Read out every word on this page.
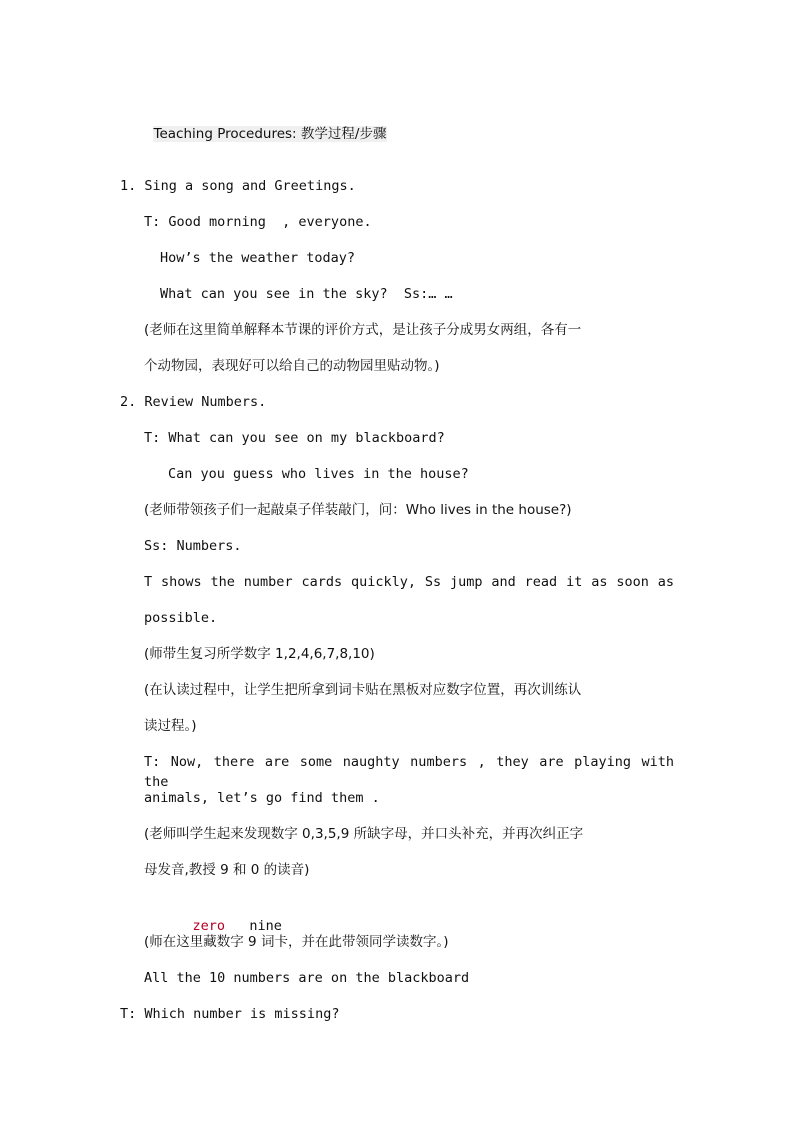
Teaching Procedures: 教学过程/步骤

1. Sing a song and Greetings.
T: Good morning  , everyone.
How’s the weather today?
What can you see in the sky?  Ss:… …
(老师在这里简单解释本节课的评价方式，是让孩子分成男女两组，各有一
个动物园，表现好可以给自己的动物园里贴动物。)
2. Review Numbers.
T: What can you see on my blackboard?
Can you guess who lives in the house?
(老师带领孩子们一起敲桌子佯装敲门，问：Who lives in the house?)
Ss: Numbers.
T shows the number cards quickly, Ss jump and read it as soon as
possible.
(师带生复习所学数字 1,2,4,6,7,8,10)
(在认读过程中，让学生把所拿到词卡贴在黑板对应数字位置，再次训练认
读过程。)
T: Now, there are some naughty numbers , they are playing with the
animals, let’s go find them .
(老师叫学生起来发现数字 0,3,5,9 所缺字母，并口头补充，并再次纠正字
母发音,教授 9 和 0 的读音)

zero nine

(师在这里藏数字 9 词卡，并在此带领同学读数字。)
All the 10 numbers are on the blackboard
T: Which number is missing?
